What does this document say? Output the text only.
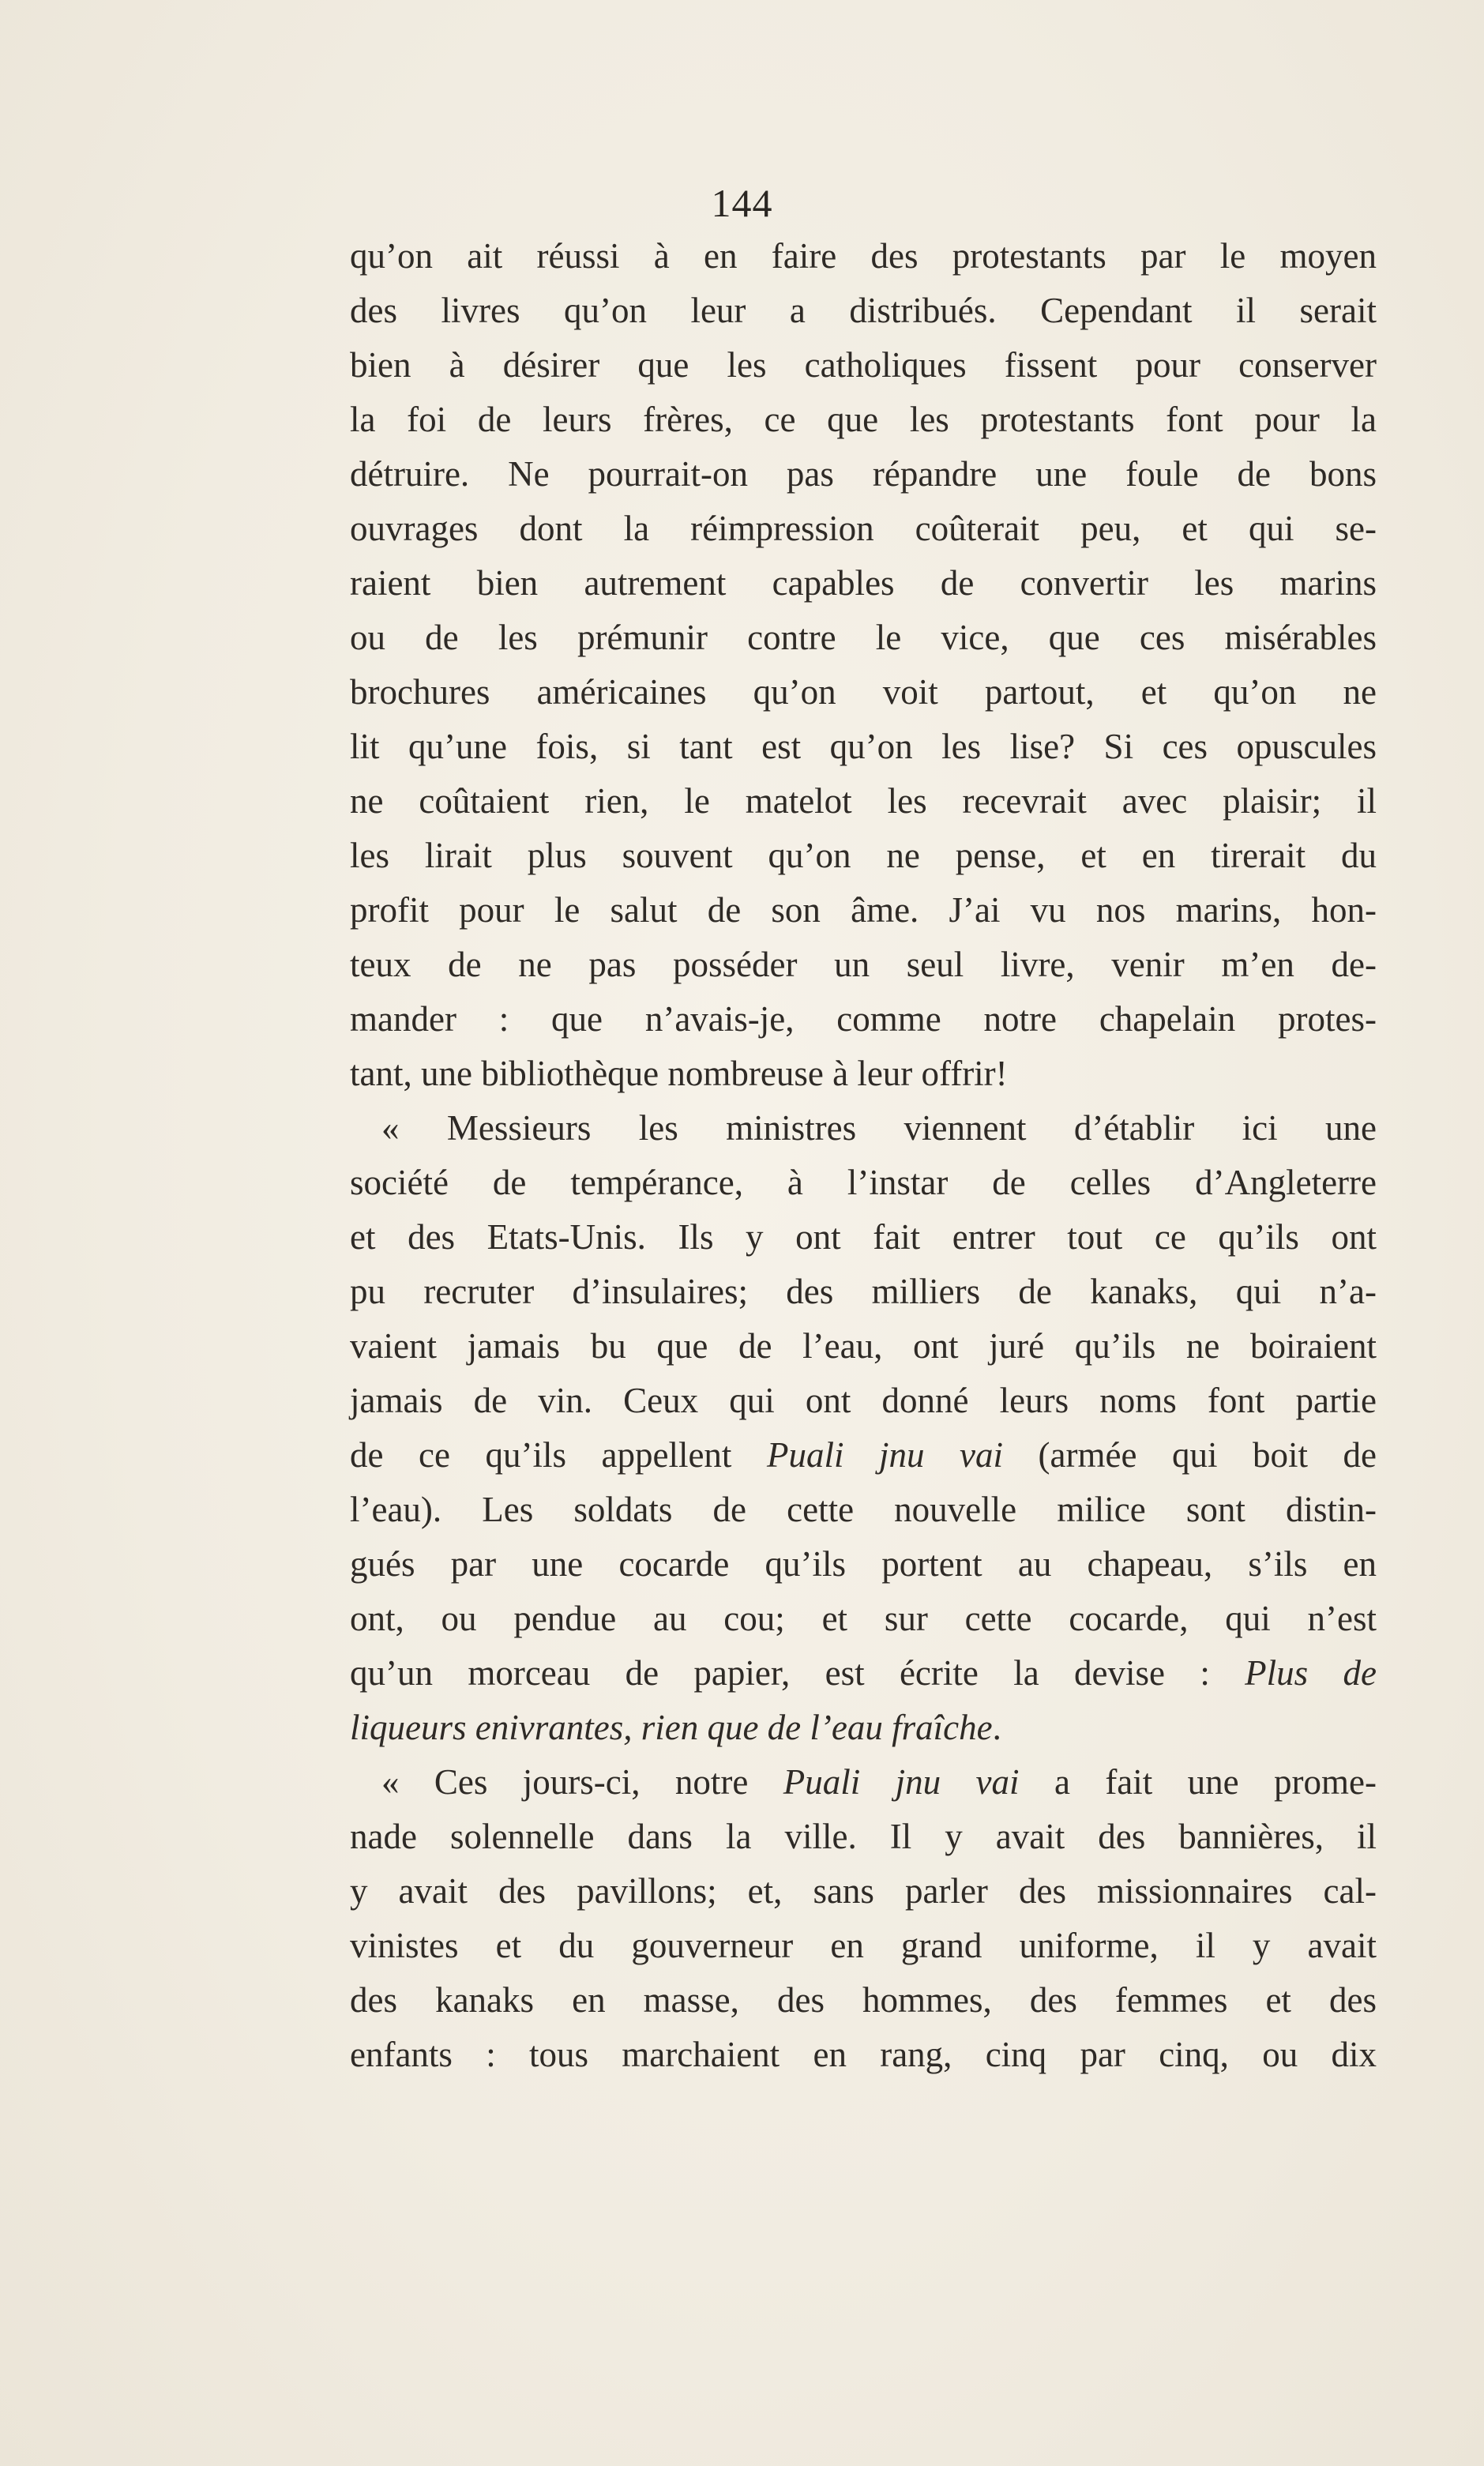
144
qu’on ait réussi à en faire des protestants par le moyen
des livres qu’on leur a distribués. Cependant il serait
bien à désirer que les catholiques fissent pour conserver
la foi de leurs frères, ce que les protestants font pour la
détruire. Ne pourrait-on pas répandre une foule de bons
ouvrages dont la réimpression coûterait peu, et qui se-
raient bien autrement capables de convertir les marins
ou de les prémunir contre le vice, que ces misérables
brochures américaines qu’on voit partout, et qu’on ne
lit qu’une fois, si tant est qu’on les lise? Si ces opuscules
ne coûtaient rien, le matelot les recevrait avec plaisir; il
les lirait plus souvent qu’on ne pense, et en tirerait du
profit pour le salut de son âme. J’ai vu nos marins, hon-
teux de ne pas posséder un seul livre, venir m’en de-
mander : que n’avais-je, comme notre chapelain protes-
tant, une bibliothèque nombreuse à leur offrir!
« Messieurs les ministres viennent d’établir ici une
société de tempérance, à l’instar de celles d’Angleterre
et des Etats-Unis. Ils y ont fait entrer tout ce qu’ils ont
pu recruter d’insulaires; des milliers de kanaks, qui n’a-
vaient jamais bu que de l’eau, ont juré qu’ils ne boiraient
jamais de vin. Ceux qui ont donné leurs noms font partie
de ce qu’ils appellent Puali jnu vai (armée qui boit de
l’eau). Les soldats de cette nouvelle milice sont distin-
gués par une cocarde qu’ils portent au chapeau, s’ils en
ont, ou pendue au cou; et sur cette cocarde, qui n’est
qu’un morceau de papier, est écrite la devise : Plus de
liqueurs enivrantes, rien que de l’eau fraîche.
« Ces jours-ci, notre Puali jnu vai a fait une prome-
nade solennelle dans la ville. Il y avait des bannières, il
y avait des pavillons; et, sans parler des missionnaires cal-
vinistes et du gouverneur en grand uniforme, il y avait
des kanaks en masse, des hommes, des femmes et des
enfants : tous marchaient en rang, cinq par cinq, ou dix
